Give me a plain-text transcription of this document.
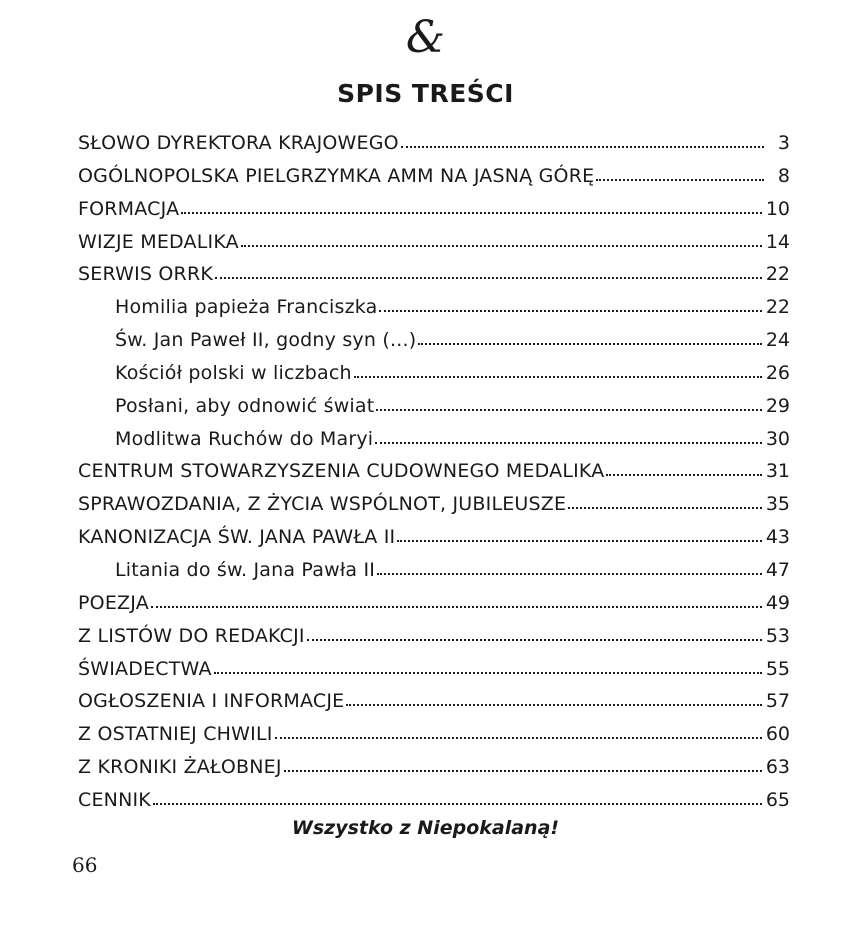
&
SPIS TREŚCI
SŁOWO DYREKTORA KRAJOWEGO	3
OGÓLNOPOLSKA PIELGRZYMKA AMM NA JASNĄ GÓRĘ	8
FORMACJA	10
WIZJE MEDALIKA	14
SERWIS ORRK	22
Homilia papieża Franciszka	22
Św. Jan Paweł II, godny syn (...)	24
Kościół polski w liczbach	26
Posłani, aby odnowić świat	29
Modlitwa Ruchów do Maryi	30
CENTRUM STOWARZYSZENIA CUDOWNEGO MEDALIKA	31
SPRAWOZDANIA, Z ŻYCIA WSPÓLNOT, JUBILEUSZE	35
KANONIZACJA ŚW. JANA PAWŁA II	43
Litania do św. Jana Pawła II	47
POEZJA	49
Z LISTÓW DO REDAKCJI	53
ŚWIADECTWA	55
OGŁOSZENIA I INFORMACJE	57
Z OSTATNIEJ CHWILI	60
Z KRONIKI ŻAŁOBNEJ	63
CENNIK	65
Wszystko z Niepokalaną!
66
